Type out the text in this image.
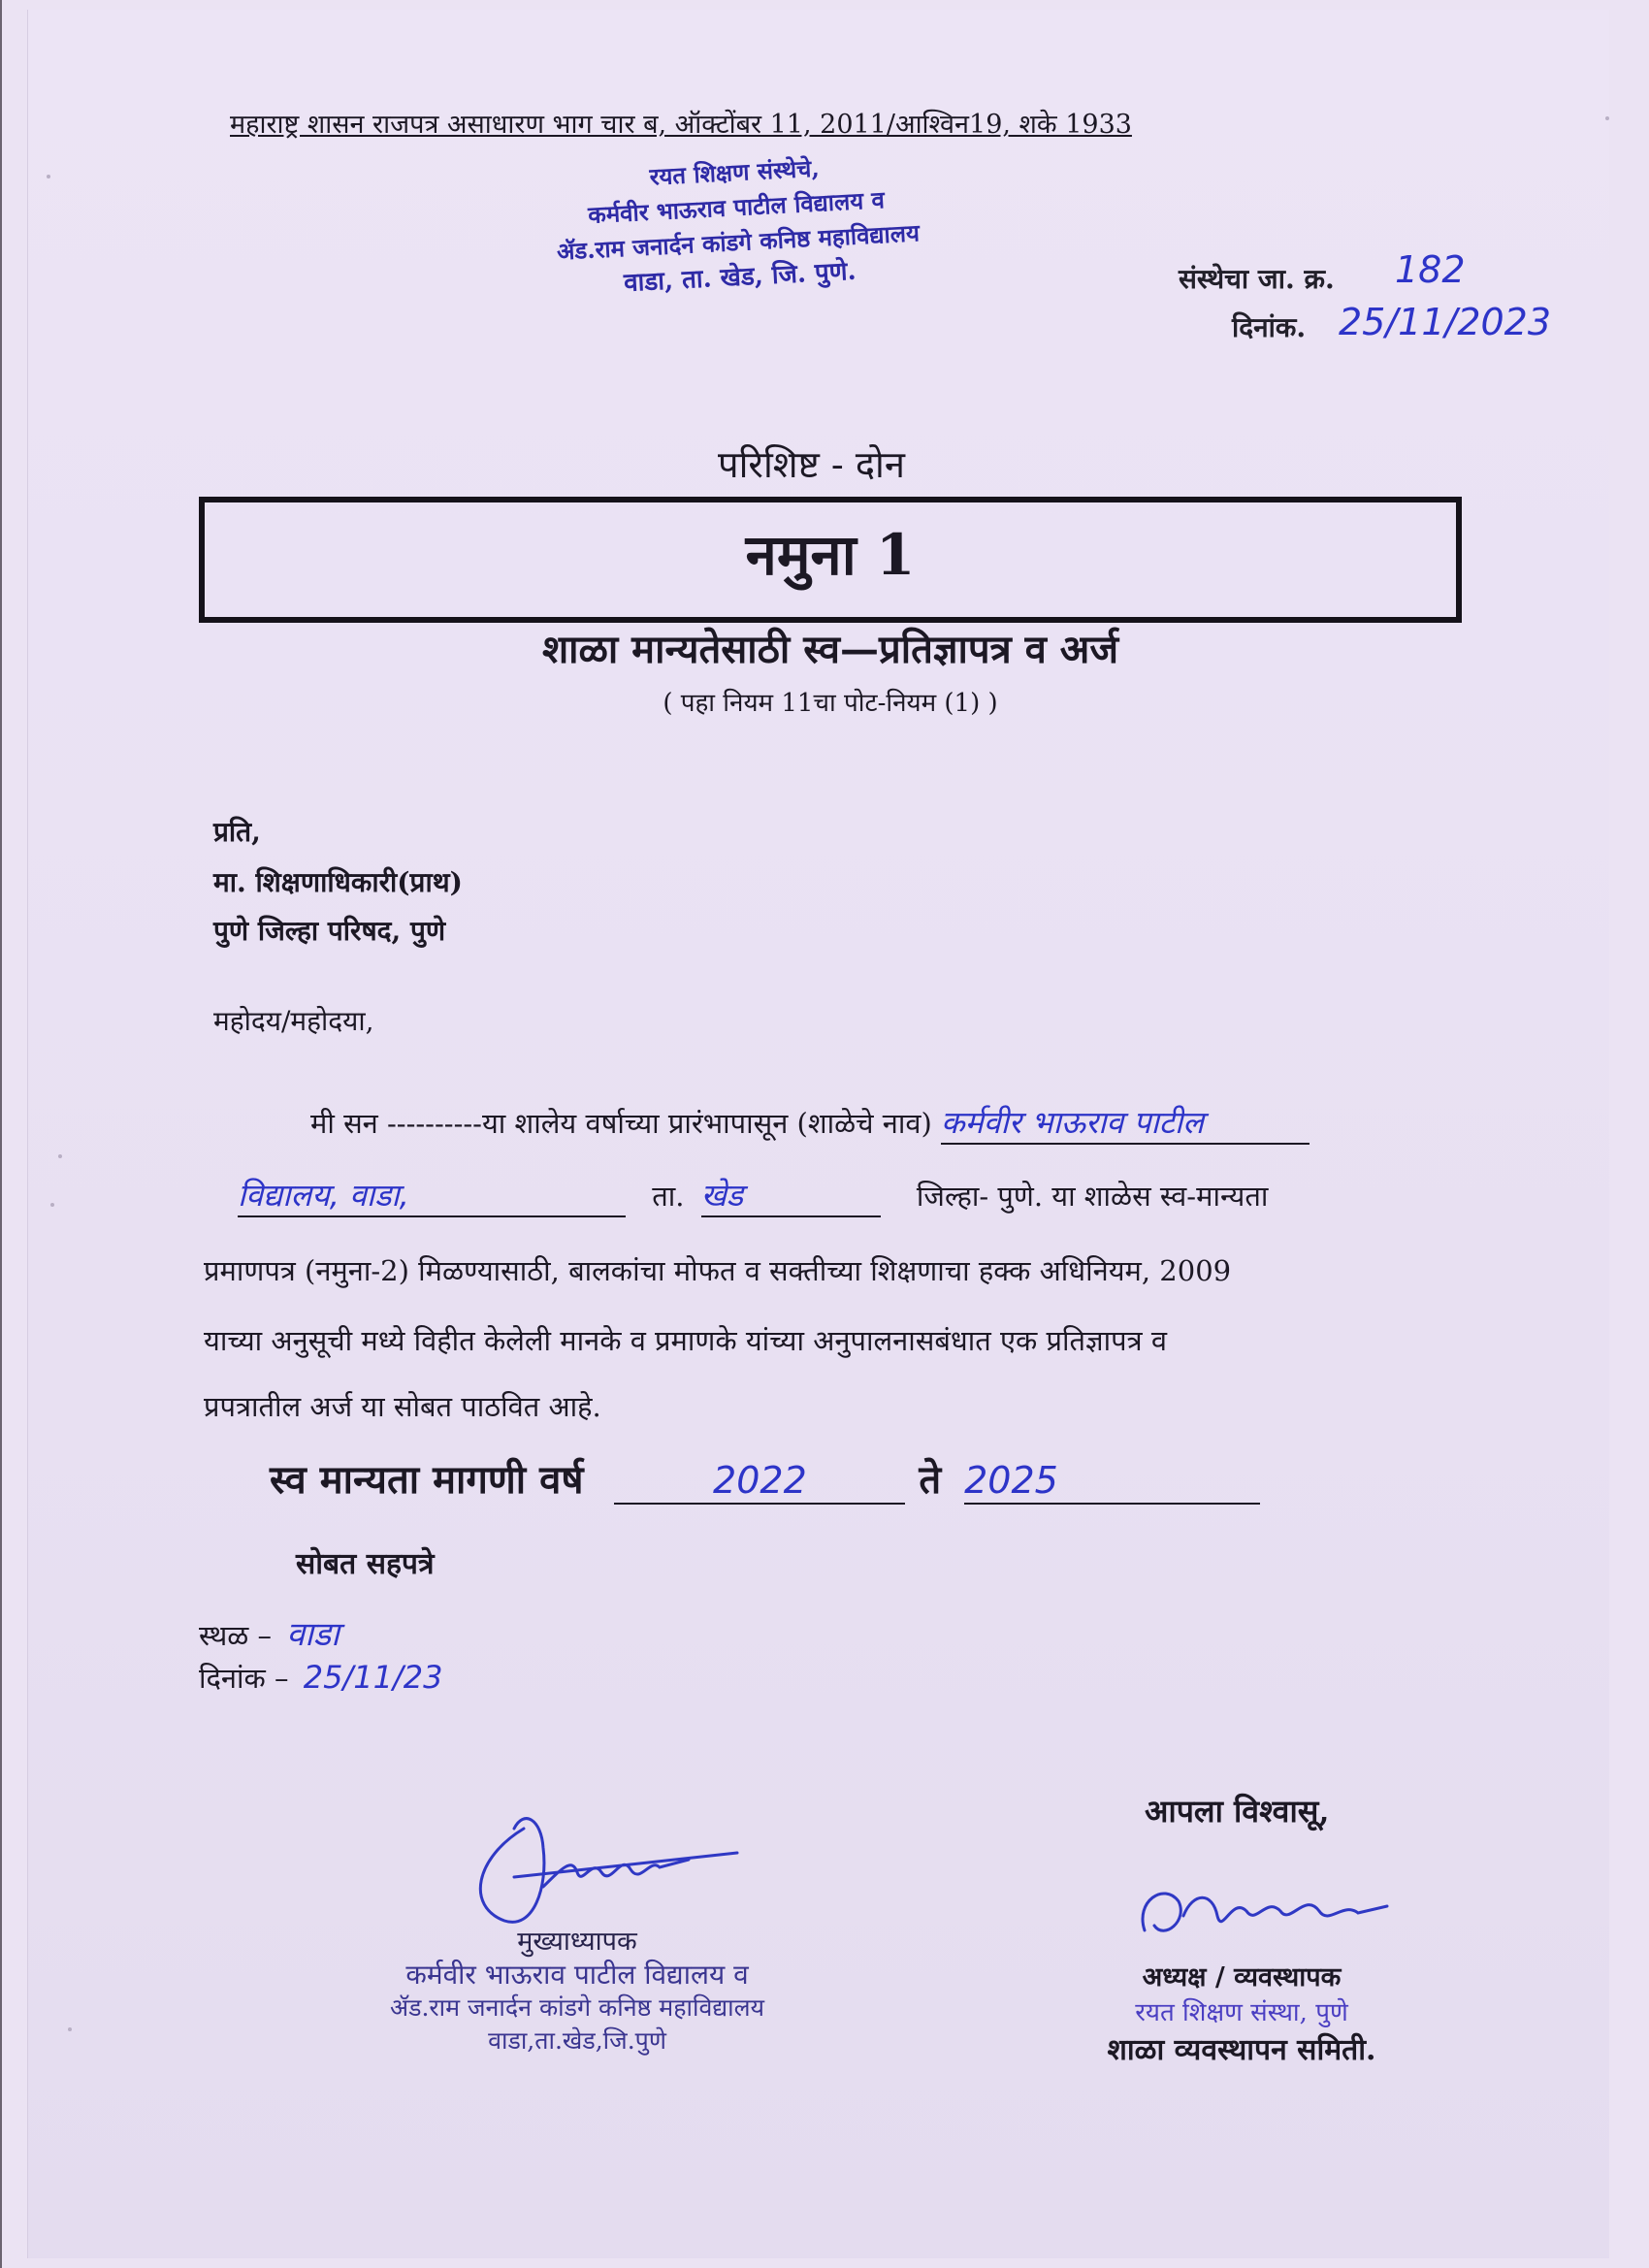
महाराष्ट्र शासन राजपत्र असाधारण भाग चार ब, ऑक्टोंबर 11, 2011/आश्विन19, शके 1933
रयत शिक्षण संस्थेचे,
कर्मवीर भाऊराव पाटील विद्यालय व
ॲड.राम जनार्दन कांडगे कनिष्ठ महाविद्यालय
वाडा, ता. खेड, जि. पुणे.	संस्थेचा जा. क्र. 182
दिनांक. 25/11/2023
परिशिष्ट - दोन
नमुना 1
शाळा मान्यतेसाठी स्व—प्रतिज्ञापत्र व अर्ज
( पहा नियम 11चा पोट-नियम (1) )
प्रति,
मा. शिक्षणाधिकारी(प्राथ)
पुणे जिल्हा परिषद, पुणे
महोदय/महोदया,
मी सन ----------या शालेय वर्षाच्या प्रारंभापासून (शाळेचे नाव) कर्मवीर भाऊराव पाटील
विद्यालय, वाडा,	ता. खेड	जिल्हा- पुणे. या शाळेस स्व-मान्यता
प्रमाणपत्र (नमुना-2) मिळण्यासाठी, बालकांचा मोफत व सक्तीच्या शिक्षणाचा हक्क अधिनियम, 2009
याच्या अनुसूची मध्ये विहीत केलेली मानके व प्रमाणके यांच्या अनुपालनासबंधात एक प्रतिज्ञापत्र व
प्रपत्रातील अर्ज या सोबत पाठवित आहे.
स्व मान्यता मागणी वर्ष	2022	ते 2025
सोबत सहपत्रे
स्थळ – वाडा
दिनांक – 25/11/23
मुख्याध्यापक
कर्मवीर भाऊराव पाटील विद्यालय व
ॲड.राम जनार्दन कांडगे कनिष्ठ महाविद्यालय
वाडा,ता.खेड,जि.पुणे
आपला विश्वासू,
अध्यक्ष / व्यवस्थापक
रयत शिक्षण संस्था, पुणे
शाळा व्यवस्थापन समिती.
